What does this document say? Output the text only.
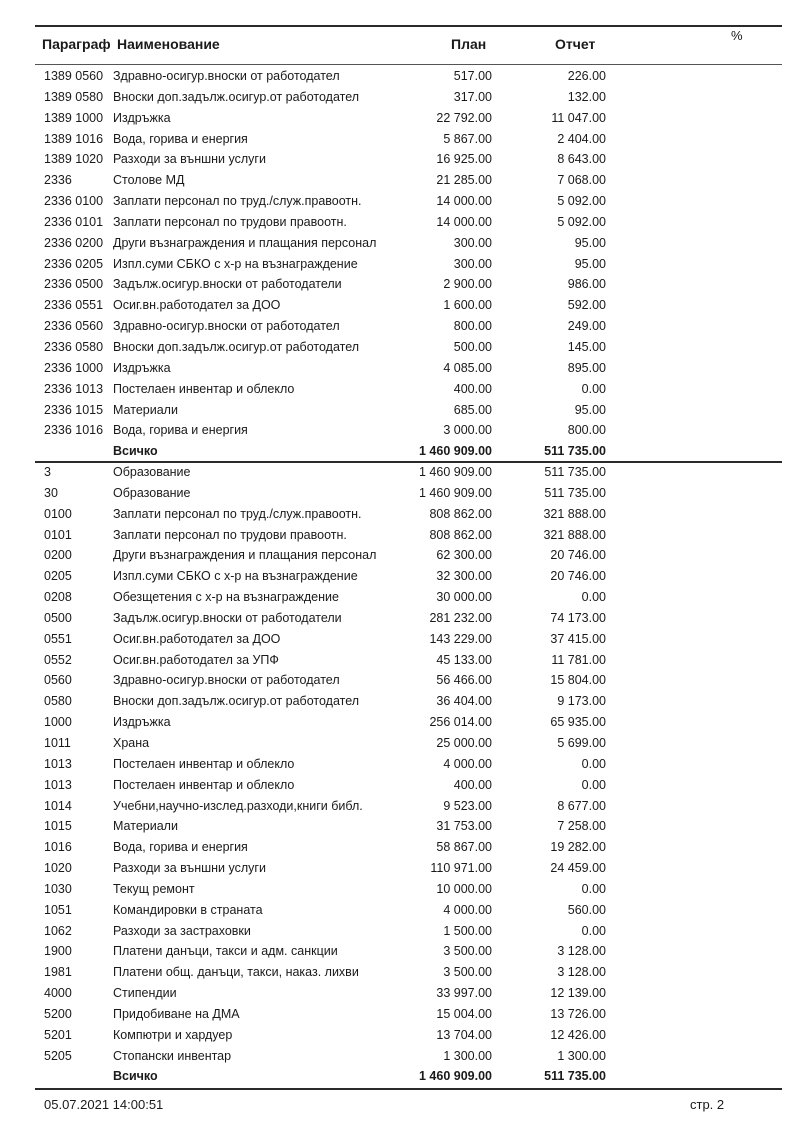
Параграф Наименование	План	Отчет
%
1389 0560 Здравно-осигур.вноски от работодател	517.00	226.00
1389 0580 Вноски доп.задълж.осигур.от работодател	317.00	132.00
1389 1000 Издръжка	22 792.00	11 047.00
1389 1016 Вода, горива и енергия	5 867.00	2 404.00
1389 1020 Разходи за външни услуги	16 925.00	8 643.00
2336	Столове МД	21 285.00	7 068.00
2336 0100 Заплати персонал по труд./служ.правоотн.	14 000.00	5 092.00
2336 0101 Заплати персонал по трудови правоотн.	14 000.00	5 092.00
2336 0200 Други възнаграждения и плащания персонал	300.00	95.00
2336 0205 Изпл.суми СБКО с х-р на възнаграждение	300.00	95.00
2336 0500 Задълж.осигур.вноски от работодатели	2 900.00	986.00
2336 0551 Осиг.вн.работодател за ДОО	1 600.00	592.00
2336 0560 Здравно-осигур.вноски от работодател	800.00	249.00
2336 0580 Вноски доп.задълж.осигур.от работодател	500.00	145.00
2336 1000 Издръжка	4 085.00	895.00
2336 1013 Постелаен инвентар и облекло	400.00	0.00
2336 1015 Материали	685.00	95.00
2336 1016 Вода, горива и енергия	3 000.00	800.00
Всичко	1 460 909.00	511 735.00
3	Образование	1 460 909.00	511 735.00
30	Образование	1 460 909.00	511 735.00
0100	Заплати персонал по труд./служ.правоотн.	808 862.00	321 888.00
0101	Заплати персонал по трудови правоотн.	808 862.00	321 888.00
0200	Други възнаграждения и плащания персонал	62 300.00	20 746.00
0205	Изпл.суми СБКО с х-р на възнаграждение	32 300.00	20 746.00
0208	Обезщетения с х-р на възнаграждение	30 000.00	0.00
0500	Задълж.осигур.вноски от работодатели	281 232.00	74 173.00
0551	Осиг.вн.работодател за ДОО	143 229.00	37 415.00
0552	Осиг.вн.работодател за УПФ	45 133.00	11 781.00
0560	Здравно-осигур.вноски от работодател	56 466.00	15 804.00
0580	Вноски доп.задълж.осигур.от работодател	36 404.00	9 173.00
1000	Издръжка	256 014.00	65 935.00
1011	Храна	25 000.00	5 699.00
1013	Постелаен инвентар и облекло	4 000.00	0.00
1013	Постелаен инвентар и облекло	400.00	0.00
1014	Учебни,научно-изслед.разходи,книги библ.	9 523.00	8 677.00
1015	Материали	31 753.00	7 258.00
1016	Вода, горива и енергия	58 867.00	19 282.00
1020	Разходи за външни услуги	110 971.00	24 459.00
1030	Текущ ремонт	10 000.00	0.00
1051	Командировки в страната	4 000.00	560.00
1062	Разходи за застраховки	1 500.00	0.00
1900	Платени данъци, такси и адм. санкции	3 500.00	3 128.00
1981	Платени общ. данъци, такси, наказ. лихви	3 500.00	3 128.00
4000	Стипендии	33 997.00	12 139.00
5200	Придобиване на ДМА	15 004.00	13 726.00
5201	Компютри и хардуер	13 704.00	12 426.00
5205	Стопански инвентар	1 300.00	1 300.00
Всичко	1 460 909.00	511 735.00
05.07.2021 14:00:51	стр. 2
